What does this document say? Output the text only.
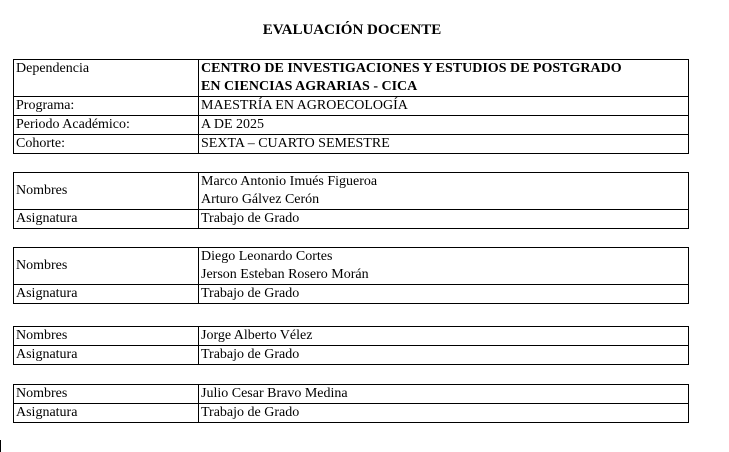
EVALUACIÓN DOCENTE
Dependencia	CENTRO DE INVESTIGACIONES Y ESTUDIOS DE POSTGRADO
EN CIENCIAS AGRARIAS - CICA

Programa:	MAESTRÍA EN AGROECOLOGÍA
Periodo Académico:	A DE 2025
Cohorte:	SEXTA – CUARTO SEMESTRE
Nombres	Marco Antonio Imués Figueroa
Arturo Gálvez Cerón

Asignatura	Trabajo de Grado
Nombres	Diego Leonardo Cortes
Jerson Esteban Rosero Morán

Asignatura	Trabajo de Grado
Nombres	Jorge Alberto Vélez

Asignatura	Trabajo de Grado
Nombres	Julio Cesar Bravo Medina

Asignatura	Trabajo de Grado
